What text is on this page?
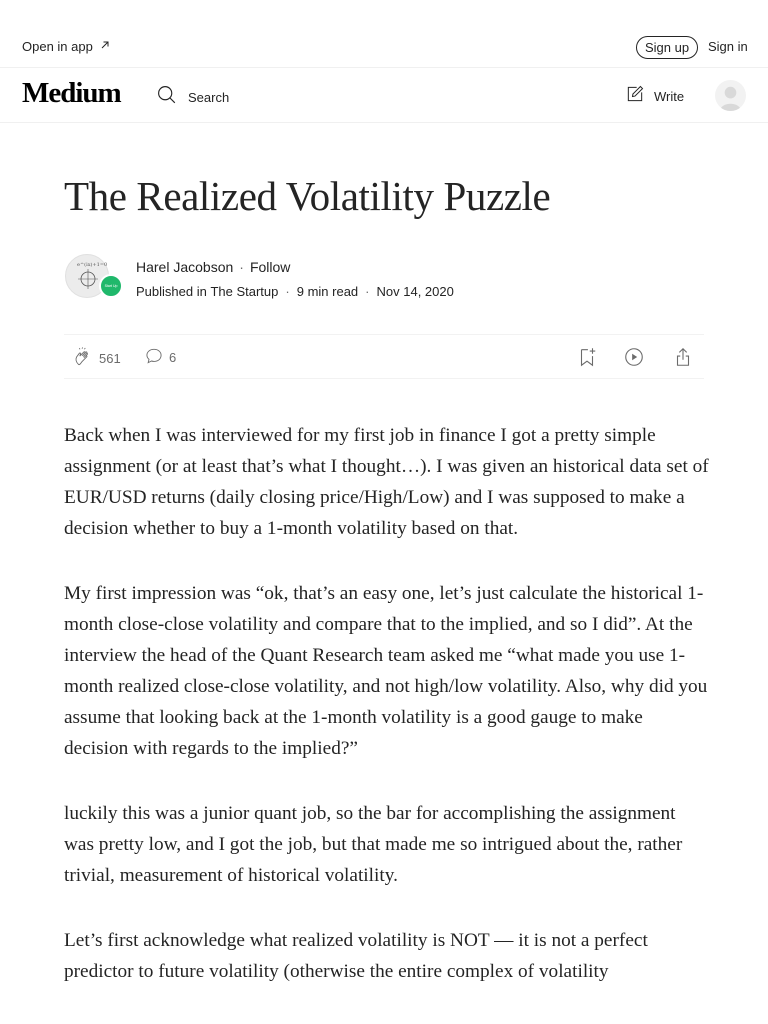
Open in app	Sign up	Sign in
Medium	Search	Write
The Realized Volatility Puzzle
e^(ix)+1=0
Start Up
Harel Jacobson · Follow
Published in
The Startup · 9 min read · Nov 14, 2020
561	6

Back when I was interviewed for my first job in finance I got a pretty simple assignment (or at least that’s what I thought…). I was given an historical data set of EUR/USD returns (daily closing price/High/Low) and I was supposed to make a decision whether to buy a 1-month volatility based on that.

My first impression was “ok, that’s an easy one, let’s just calculate the historical 1-month close-close volatility and compare that to the implied, and so I did”. At the interview the head of the Quant Research team asked me “what made you use 1-month realized close-close volatility, and not high/low volatility. Also, why did you assume that looking back at the 1-month volatility is a good gauge to make decision with regards to the implied?”

luckily this was a junior quant job, so the bar for accomplishing the assignment was pretty low, and I got the job, but that made me so intrigued about the, rather trivial, measurement of historical volatility.

Let’s first acknowledge what realized volatility is NOT — it is not a perfect predictor to future volatility (otherwise the entire complex of volatility
